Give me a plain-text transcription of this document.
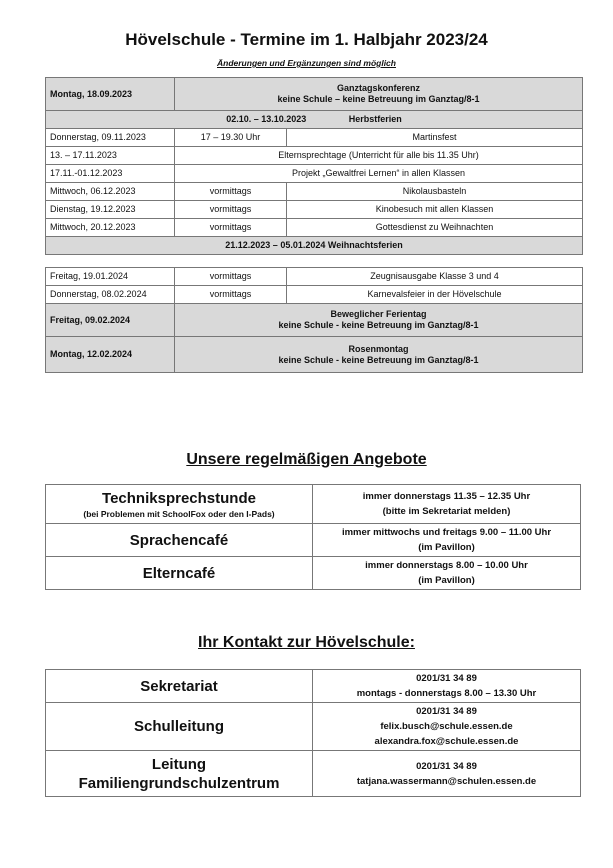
Hövelschule - Termine im 1. Halbjahr 2023/24
Änderungen und Ergänzungen sind möglich
Montag, 18.09.2023	Ganztagskonferenz
keine Schule – keine Betreuung im Ganztag/8-1	

02.10. – 13.10.2023                 Herbstferien		
Donnerstag, 09.11.2023	17 – 19.30 Uhr	Martinsfest
13. – 17.11.2023	Elternsprechtage (Unterricht für alle bis 11.35 Uhr)	
17.11.-01.12.2023	Projekt „Gewaltfrei Lernen“ in allen Klassen	
Mittwoch, 06.12.2023	vormittags	Nikolausbasteln
Dienstag, 19.12.2023	vormittags	Kinobesuch mit allen Klassen
Mittwoch, 20.12.2023	vormittags	Gottesdienst zu Weihnachten
21.12.2023 – 05.01.2024 Weihnachtsferien		
Freitag, 19.01.2024	vormittags	Zeugnisausgabe Klasse 3 und 4
Donnerstag, 08.02.2024	vormittags	Karnevalsfeier in der Hövelschule
Freitag, 09.02.2024	Beweglicher Ferientag
keine Schule - keine Betreuung im Ganztag/8-1	

Montag, 12.02.2024	Rosenmontag
keine Schule - keine Betreuung im Ganztag/8-1	
Unsere regelmäßigen Angebote
Techniksprechstunde
(bei Problemen mit SchoolFox oder den I-Pads)	immer donnerstags 11.35 – 12.35 Uhr
(bitte im Sekretariat melden)

Sprachencafé	immer mittwochs und freitags 9.00 – 11.00 Uhr
(im Pavillon)

Elterncafé	immer donnerstags 8.00 – 10.00 Uhr
(im Pavillon)
Ihr Kontakt zur Hövelschule:
Sekretariat	0201/31 34 89
montags - donnerstags 8.00 – 13.30 Uhr

Schulleitung	0201/31 34 89
felix.busch@schule.essen.de
alexandra.fox@schule.essen.de

Leitung
Familiengrundschulzentrum	0201/31 34 89
tatjana.wassermann@schulen.essen.de
